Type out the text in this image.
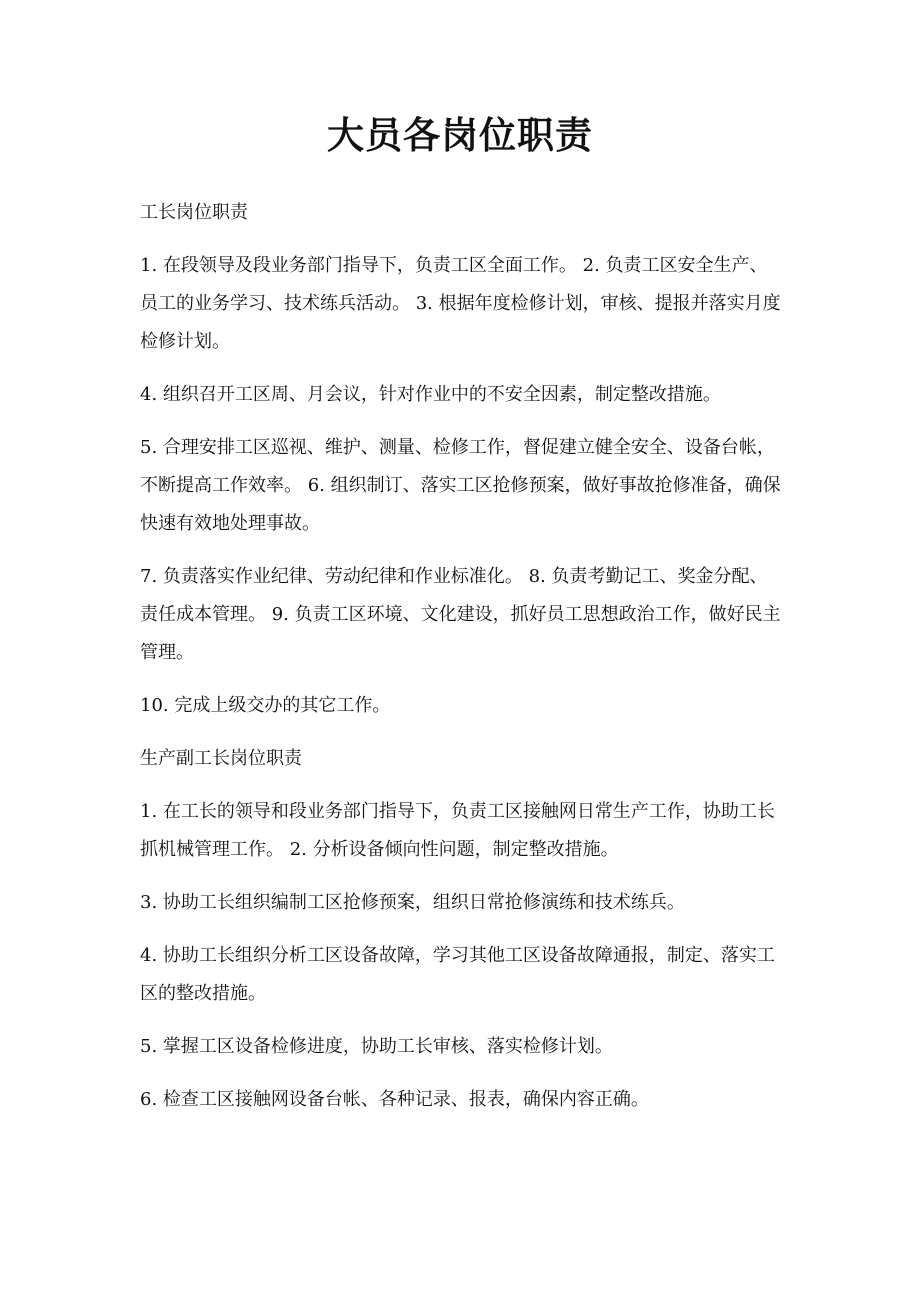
大员各岗位职责

工长岗位职责

1. 在段领导及段业务部门指导下，负责工区全面工作。 2. 负责工区安全生产、员工的业务学习、技术练兵活动。 3. 根据年度检修计划，审核、提报并落实月度检修计划。

4. 组织召开工区周、月会议，针对作业中的不安全因素，制定整改措施。

5. 合理安排工区巡视、维护、测量、检修工作，督促建立健全安全、设备台帐，不断提高工作效率。 6. 组织制订、落实工区抢修预案，做好事故抢修准备，确保快速有效地处理事故。

7. 负责落实作业纪律、劳动纪律和作业标准化。 8. 负责考勤记工、奖金分配、责任成本管理。 9. 负责工区环境、文化建设，抓好员工思想政治工作，做好民主管理。

10. 完成上级交办的其它工作。

生产副工长岗位职责

1. 在工长的领导和段业务部门指导下，负责工区接触网日常生产工作，协助工长抓机械管理工作。 2. 分析设备倾向性问题，制定整改措施。

3. 协助工长组织编制工区抢修预案，组织日常抢修演练和技术练兵。

4. 协助工长组织分析工区设备故障，学习其他工区设备故障通报，制定、落实工区的整改措施。

5. 掌握工区设备检修进度，协助工长审核、落实检修计划。

6. 检查工区接触网设备台帐、各种记录、报表，确保内容正确。
